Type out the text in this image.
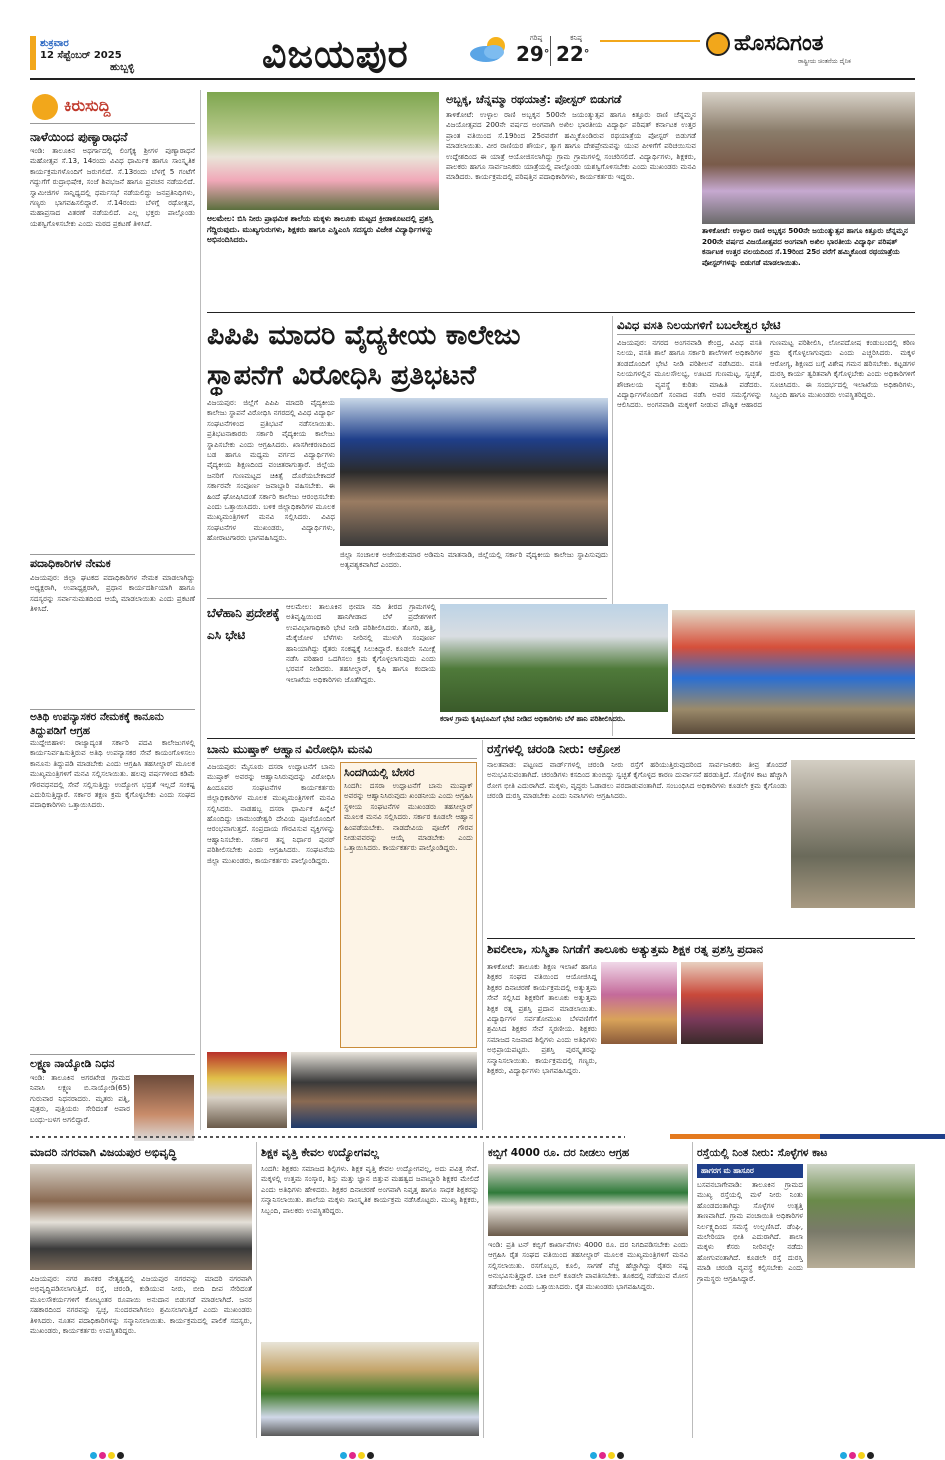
ಶುಕ್ರವಾರ
12 ಸೆಪ್ಟೆಂಬರ್ 2025
ಹುಬ್ಬಳ್ಳಿ	ವಿಜಯಪುರ	ಗರಿಷ್ಠ
29°
ಕನಿಷ್ಠ
22°	ಹೊಸದಿಗಂತ
ರಾಷ್ಟ್ರೀಯ ಚಿಂತನೆಯ ದೈನಿಕ
ಕಿರುಸುದ್ದಿ
ನಾಳೆಯಿಂದ ಪುಣ್ಯಾರಾಧನೆ
ಇಂಡಿ: ತಾಲೂಕಿನ ಅಥರ್ಗಾದಲ್ಲಿ ಲಿಂಗೈಕ್ಯ ಶ್ರೀಗಳ ಪುಣ್ಯಾರಾಧನೆ ಮಹೋತ್ಸವ ಸೆ.13, 14ರಂದು ವಿವಿಧ ಧಾರ್ಮಿಕ ಹಾಗೂ ಸಾಂಸ್ಕೃತಿಕ ಕಾರ್ಯಕ್ರಮಗಳೊಂದಿಗೆ ಜರುಗಲಿದೆ. ಸೆ.13ರಂದು ಬೆಳಗ್ಗೆ 5 ಗಂಟೆಗೆ ಗದ್ದುಗೆಗೆ ರುದ್ರಾಭಿಷೇಕ, ಸಂಜೆ ಶಿವಭಜನೆ ಹಾಗೂ ಪ್ರವಚನ ನಡೆಯಲಿದೆ. ಸ್ವಾಮೀಜಿಗಳ ಸಾನ್ನಿಧ್ಯದಲ್ಲಿ ಧರ್ಮಸಭೆ ನಡೆಯಲಿದ್ದು ಜನಪ್ರತಿನಿಧಿಗಳು, ಗಣ್ಯರು ಭಾಗವಹಿಸಲಿದ್ದಾರೆ. ಸೆ.14ರಂದು ಬೆಳಗ್ಗೆ ರಥೋತ್ಸವ, ಮಹಾಪ್ರಸಾದ ವಿತರಣೆ ನಡೆಯಲಿದೆ. ಎಲ್ಲ ಭಕ್ತರು ಪಾಲ್ಗೊಂಡು ಯಶಸ್ವಿಗೊಳಿಸಬೇಕು ಎಂದು ಮಠದ ಪ್ರಕಟಣೆ ತಿಳಿಸಿದೆ.
ಪದಾಧಿಕಾರಿಗಳ ನೇಮಕ
ವಿಜಯಪುರ: ಜಿಲ್ಲಾ ಘಟಕದ ಪದಾಧಿಕಾರಿಗಳ ನೇಮಕ ಮಾಡಲಾಗಿದ್ದು ಅಧ್ಯಕ್ಷರಾಗಿ, ಉಪಾಧ್ಯಕ್ಷರಾಗಿ, ಪ್ರಧಾನ ಕಾರ್ಯದರ್ಶಿಯಾಗಿ ಹಾಗೂ ಸದಸ್ಯರನ್ನು ಸರ್ವಾನುಮತದಿಂದ ಆಯ್ಕೆ ಮಾಡಲಾಯಿತು ಎಂದು ಪ್ರಕಟಣೆ ತಿಳಿಸಿದೆ.
ಅತಿಥಿ ಉಪನ್ಯಾಸಕರ ನೇಮಕಕ್ಕೆ ಕಾನೂನು ತಿದ್ದುಪಡಿಗೆ ಆಗ್ರಹ
ಮುದ್ದೇಬಿಹಾಳ: ರಾಜ್ಯಾದ್ಯಂತ ಸರ್ಕಾರಿ ಪದವಿ ಕಾಲೇಜುಗಳಲ್ಲಿ ಕಾರ್ಯನಿರ್ವಹಿಸುತ್ತಿರುವ ಅತಿಥಿ ಉಪನ್ಯಾಸಕರ ಸೇವೆ ಕಾಯಂಗೊಳಿಸಲು ಕಾನೂನು ತಿದ್ದುಪಡಿ ಮಾಡಬೇಕು ಎಂದು ಆಗ್ರಹಿಸಿ ತಹಸೀಲ್ದಾರ್ ಮೂಲಕ ಮುಖ್ಯಮಂತ್ರಿಗಳಿಗೆ ಮನವಿ ಸಲ್ಲಿಸಲಾಯಿತು. ಹಲವು ವರ್ಷಗಳಿಂದ ಕಡಿಮೆ ಗೌರವಧನದಲ್ಲಿ ಸೇವೆ ಸಲ್ಲಿಸುತ್ತಿದ್ದು ಉದ್ಯೋಗ ಭದ್ರತೆ ಇಲ್ಲದೆ ಸಂಕಷ್ಟ ಎದುರಿಸುತ್ತಿದ್ದಾರೆ. ಸರ್ಕಾರ ತಕ್ಷಣ ಕ್ರಮ ಕೈಗೊಳ್ಳಬೇಕು ಎಂದು ಸಂಘದ ಪದಾಧಿಕಾರಿಗಳು ಒತ್ತಾಯಿಸಿದರು.
ಲಕ್ಷ್ಮಣ ನಾಯ್ಕೋಡಿ ನಿಧನ
ಇಂಡಿ: ತಾಲೂಕಿನ ಅಗರಖೇಡ ಗ್ರಾಮದ ನಿವಾಸಿ ಲಕ್ಷ್ಮಣ ಬಿ.ನಾಯ್ಕೋಡಿ(65) ಗುರುವಾರ ನಿಧನರಾದರು. ಮೃತರು ಪತ್ನಿ, ಪುತ್ರರು, ಪುತ್ರಿಯರು ಸೇರಿದಂತೆ ಅಪಾರ ಬಂಧು-ಬಳಗ ಅಗಲಿದ್ದಾರೆ.
ಆಲಮೇಲ: ಬಿಸಿ ನೀರು ಪ್ರಾಥಮಿಕ ಶಾಲೆಯ ಮಕ್ಕಳು ತಾಲೂಕು ಮಟ್ಟದ ಕ್ರೀಡಾಕೂಟದಲ್ಲಿ ಪ್ರಶಸ್ತಿ ಗೆದ್ದಿರುವುದು. ಮುಖ್ಯಗುರುಗಳು, ಶಿಕ್ಷಕರು ಹಾಗೂ ಎಸ್ಡಿಎಂಸಿ ಸದಸ್ಯರು ವಿಜೇತ ವಿದ್ಯಾರ್ಥಿಗಳನ್ನು ಅಭಿನಂದಿಸಿದರು.
ಅಬ್ಬಕ್ಕ, ಚೆನ್ನಮ್ಮಾ ರಥಯಾತ್ರೆ: ಪೋಸ್ಟರ್ ಬಿಡುಗಡೆ
ತಾಳಿಕೋಟೆ: ಉಳ್ಳಾಲ ರಾಣಿ ಅಬ್ಬಕ್ಕನ 500ನೇ ಜಯಂತ್ಯುತ್ಸವ ಹಾಗೂ ಕಿತ್ತೂರು ರಾಣಿ ಚೆನ್ನಮ್ಮನ ವಿಜಯೋತ್ಸವದ 200ನೇ ವರ್ಷದ ಅಂಗವಾಗಿ ಅಖಿಲ ಭಾರತೀಯ ವಿದ್ಯಾರ್ಥಿ ಪರಿಷತ್ ಕರ್ನಾಟಕ ಉತ್ತರ ಪ್ರಾಂತ ವತಿಯಿಂದ ಸೆ.19ರಿಂದ 25ರವರೆಗೆ ಹಮ್ಮಿಕೊಂಡಿರುವ ರಥಯಾತ್ರೆಯ ಪೋಸ್ಟರ್ ಬಿಡುಗಡೆ ಮಾಡಲಾಯಿತು. ವೀರ ರಾಣಿಯರ ಶೌರ್ಯ, ತ್ಯಾಗ ಹಾಗೂ ದೇಶಪ್ರೇಮವನ್ನು ಯುವ ಪೀಳಿಗೆಗೆ ಪರಿಚಯಿಸುವ ಉದ್ದೇಶದಿಂದ ಈ ಯಾತ್ರೆ ಆಯೋಜಿಸಲಾಗಿದ್ದು ಗ್ರಾಮ ಗ್ರಾಮಗಳಲ್ಲಿ ಸಂಚರಿಸಲಿದೆ. ವಿದ್ಯಾರ್ಥಿಗಳು, ಶಿಕ್ಷಕರು, ಪಾಲಕರು ಹಾಗೂ ಸಾರ್ವಜನಿಕರು ಯಾತ್ರೆಯಲ್ಲಿ ಪಾಲ್ಗೊಂಡು ಯಶಸ್ವಿಗೊಳಿಸಬೇಕು ಎಂದು ಮುಖಂಡರು ಮನವಿ ಮಾಡಿದರು. ಕಾರ್ಯಕ್ರಮದಲ್ಲಿ ಪರಿಷತ್ತಿನ ಪದಾಧಿಕಾರಿಗಳು, ಕಾರ್ಯಕರ್ತರು ಇದ್ದರು.
ತಾಳಿಕೋಟೆ: ಉಳ್ಳಾಲ ರಾಣಿ ಅಬ್ಬಕ್ಕನ 500ನೇ ಜಯಂತ್ಯುತ್ಸವ ಹಾಗೂ ಕಿತ್ತೂರು ಚೆನ್ನಮ್ಮನ 200ನೇ ವರ್ಷದ ವಿಜಯೋತ್ಸವದ ಅಂಗವಾಗಿ ಅಖಿಲ ಭಾರತೀಯ ವಿದ್ಯಾರ್ಥಿ ಪರಿಷತ್ ಕರ್ನಾಟಕ ಉತ್ತರ ವಲಯದಿಂದ ಸೆ.19ರಿಂದ 25ರ ವರೆಗೆ ಹಮ್ಮಿಕೊಂಡ ರಥಯಾತ್ರೆಯ ಪೋಸ್ಟರ್‌ಗಳನ್ನು ಬಿಡುಗಡೆ ಮಾಡಲಾಯಿತು.
ಪಿಪಿಪಿ ಮಾದರಿ ವೈದ್ಯಕೀಯ ಕಾಲೇಜು
ಸ್ಥಾಪನೆಗೆ ವಿರೋಧಿಸಿ ಪ್ರತಿಭಟನೆ
ವಿಜಯಪುರ: ಜಿಲ್ಲೆಗೆ ಪಿಪಿಪಿ ಮಾದರಿ ವೈದ್ಯಕೀಯ ಕಾಲೇಜು ಸ್ಥಾಪನೆ ವಿರೋಧಿಸಿ ನಗರದಲ್ಲಿ ವಿವಿಧ ವಿದ್ಯಾರ್ಥಿ ಸಂಘಟನೆಗಳಿಂದ ಪ್ರತಿಭಟನೆ ನಡೆಸಲಾಯಿತು. ಪ್ರತಿಭಟನಾಕಾರರು ಸರ್ಕಾರಿ ವೈದ್ಯಕೀಯ ಕಾಲೇಜು ಸ್ಥಾಪಿಸಬೇಕು ಎಂದು ಆಗ್ರಹಿಸಿದರು. ಖಾಸಗೀಕರಣದಿಂದ ಬಡ ಹಾಗೂ ಮಧ್ಯಮ ವರ್ಗದ ವಿದ್ಯಾರ್ಥಿಗಳು ವೈದ್ಯಕೀಯ ಶಿಕ್ಷಣದಿಂದ ವಂಚಿತರಾಗುತ್ತಾರೆ. ಜಿಲ್ಲೆಯ ಜನರಿಗೆ ಗುಣಮಟ್ಟದ ಚಿಕಿತ್ಸೆ ದೊರೆಯಬೇಕಾದರೆ ಸರ್ಕಾರವೇ ಸಂಪೂರ್ಣ ಜವಾಬ್ದಾರಿ ವಹಿಸಬೇಕು. ಈ ಹಿಂದೆ ಘೋಷಿಸಿದಂತೆ ಸರ್ಕಾರಿ ಕಾಲೇಜು ಆರಂಭಿಸಬೇಕು ಎಂದು ಒತ್ತಾಯಿಸಿದರು. ಬಳಿಕ ಜಿಲ್ಲಾಧಿಕಾರಿಗಳ ಮೂಲಕ ಮುಖ್ಯಮಂತ್ರಿಗಳಿಗೆ ಮನವಿ ಸಲ್ಲಿಸಿದರು. ವಿವಿಧ ಸಂಘಟನೆಗಳ ಮುಖಂಡರು, ವಿದ್ಯಾರ್ಥಿಗಳು, ಹೋರಾಟಗಾರರು ಭಾಗವಹಿಸಿದ್ದರು.
ಜಿಲ್ಲಾ ಸಂಚಾಲಕ ಅಜೇಯಕುಮಾರ ಅಡಿಮನಿ ಮಾತನಾಡಿ, ಜಿಲ್ಲೆಯಲ್ಲಿ ಸರ್ಕಾರಿ ವೈದ್ಯಕೀಯ ಕಾಲೇಜು ಸ್ಥಾಪಿಸುವುದು ಅತ್ಯವಶ್ಯಕವಾಗಿದೆ ಎಂದರು.
ವಿವಿಧ ವಸತಿ ನಿಲಯಗಳಿಗೆ ಬಬಲೇಶ್ವರ ಭೇಟಿ
ವಿಜಯಪುರ: ನಗರದ ಅಂಗನವಾಡಿ ಕೇಂದ್ರ, ವಿವಿಧ ವಸತಿ ನಿಲಯ, ವಸತಿ ಶಾಲೆ ಹಾಗೂ ಸರ್ಕಾರಿ ಶಾಲೆಗಳಿಗೆ ಅಧಿಕಾರಿಗಳ ತಂಡದೊಂದಿಗೆ ಭೇಟಿ ನೀಡಿ ಪರಿಶೀಲನೆ ನಡೆಸಿದರು. ವಸತಿ ನಿಲಯಗಳಲ್ಲಿನ ಮೂಲಸೌಲಭ್ಯ, ಊಟದ ಗುಣಮಟ್ಟ, ಸ್ವಚ್ಛತೆ, ಶೌಚಾಲಯ ವ್ಯವಸ್ಥೆ ಕುರಿತು ಮಾಹಿತಿ ಪಡೆದರು. ವಿದ್ಯಾರ್ಥಿಗಳೊಂದಿಗೆ ಸಂವಾದ ನಡೆಸಿ ಅವರ ಸಮಸ್ಯೆಗಳನ್ನು ಆಲಿಸಿದರು. ಅಂಗನವಾಡಿ ಮಕ್ಕಳಿಗೆ ನೀಡುವ ಪೌಷ್ಟಿಕ ಆಹಾರದ ಗುಣಮಟ್ಟ ಪರಿಶೀಲಿಸಿ, ಲೋಪದೋಷ ಕಂಡುಬಂದಲ್ಲಿ ಕಠಿಣ ಕ್ರಮ ಕೈಗೊಳ್ಳಲಾಗುವುದು ಎಂದು ಎಚ್ಚರಿಸಿದರು. ಮಕ್ಕಳ ಆರೋಗ್ಯ, ಶಿಕ್ಷಣದ ಬಗ್ಗೆ ವಿಶೇಷ ಗಮನ ಹರಿಸಬೇಕು. ಕಟ್ಟಡಗಳ ದುರಸ್ತಿ ಕಾರ್ಯ ತ್ವರಿತವಾಗಿ ಕೈಗೊಳ್ಳಬೇಕು ಎಂದು ಅಧಿಕಾರಿಗಳಿಗೆ ಸೂಚಿಸಿದರು. ಈ ಸಂದರ್ಭದಲ್ಲಿ ಇಲಾಖೆಯ ಅಧಿಕಾರಿಗಳು, ಸಿಬ್ಬಂದಿ ಹಾಗೂ ಮುಖಂಡರು ಉಪಸ್ಥಿತರಿದ್ದರು.
ಬೆಳೆಹಾನಿ ಪ್ರದೇಶಕ್ಕೆ ಎಸಿ ಭೇಟಿ
ಆಲಮೇಲ: ತಾಲೂಕಿನ ಭೀಮಾ ನದಿ ತೀರದ ಗ್ರಾಮಗಳಲ್ಲಿ ಅತಿವೃಷ್ಟಿಯಿಂದ ಹಾನಿಗೀಡಾದ ಬೆಳೆ ಪ್ರದೇಶಗಳಿಗೆ ಉಪವಿಭಾಗಾಧಿಕಾರಿ ಭೇಟಿ ನೀಡಿ ಪರಿಶೀಲಿಸಿದರು. ತೊಗರಿ, ಹತ್ತಿ, ಮೆಕ್ಕೆಜೋಳ ಬೆಳೆಗಳು ನೀರಿನಲ್ಲಿ ಮುಳುಗಿ ಸಂಪೂರ್ಣ ಹಾನಿಯಾಗಿದ್ದು ರೈತರು ಸಂಕಷ್ಟಕ್ಕೆ ಸಿಲುಕಿದ್ದಾರೆ. ಕೂಡಲೇ ಸಮೀಕ್ಷೆ ನಡೆಸಿ ಪರಿಹಾರ ಒದಗಿಸಲು ಕ್ರಮ ಕೈಗೊಳ್ಳಲಾಗುವುದು ಎಂದು ಭರವಸೆ ನೀಡಿದರು. ತಹಸೀಲ್ದಾರ್, ಕೃಷಿ ಹಾಗೂ ಕಂದಾಯ ಇಲಾಖೆಯ ಅಧಿಕಾರಿಗಳು ಜೊತೆಗಿದ್ದರು.
ಕರಾಳ ಗ್ರಾಮ ಕೃಷಿಭೂಮಿಗೆ ಭೇಟಿ ನೀಡಿದ ಅಧಿಕಾರಿಗಳು ಬೆಳೆ ಹಾನಿ ಪರಿಶೀಲಿಸಿದರು.
ಬಾನು ಮುಷ್ತಾಕ್ ಆಹ್ವಾನ ವಿರೋಧಿಸಿ ಮನವಿ
ವಿಜಯಪುರ: ಮೈಸೂರು ದಸರಾ ಉದ್ಘಾಟನೆಗೆ ಬಾನು ಮುಷ್ತಾಕ್ ಅವರನ್ನು ಆಹ್ವಾನಿಸಿರುವುದನ್ನು ವಿರೋಧಿಸಿ ಹಿಂದೂಪರ ಸಂಘಟನೆಗಳ ಕಾರ್ಯಕರ್ತರು ಜಿಲ್ಲಾಧಿಕಾರಿಗಳ ಮೂಲಕ ಮುಖ್ಯಮಂತ್ರಿಗಳಿಗೆ ಮನವಿ ಸಲ್ಲಿಸಿದರು. ನಾಡಹಬ್ಬ ದಸರಾ ಧಾರ್ಮಿಕ ಹಿನ್ನೆಲೆ ಹೊಂದಿದ್ದು ಚಾಮುಂಡೇಶ್ವರಿ ದೇವಿಯ ಪೂಜೆಯೊಂದಿಗೆ ಆರಂಭವಾಗುತ್ತದೆ. ಸಂಪ್ರದಾಯ ಗೌರವಿಸುವ ವ್ಯಕ್ತಿಗಳನ್ನು ಆಹ್ವಾನಿಸಬೇಕು. ಸರ್ಕಾರ ತನ್ನ ನಿರ್ಧಾರ ಪುನರ್ ಪರಿಶೀಲಿಸಬೇಕು ಎಂದು ಆಗ್ರಹಿಸಿದರು. ಸಂಘಟನೆಯ ಜಿಲ್ಲಾ ಮುಖಂಡರು, ಕಾರ್ಯಕರ್ತರು ಪಾಲ್ಗೊಂಡಿದ್ದರು.
ಸಿಂದಗಿಯಲ್ಲಿ ಬೇಸರ
ಸಿಂದಗಿ: ದಸರಾ ಉದ್ಘಾಟನೆಗೆ ಬಾನು ಮುಷ್ತಾಕ್ ಅವರನ್ನು ಆಹ್ವಾನಿಸಿರುವುದು ಖಂಡನೀಯ ಎಂದು ಆಗ್ರಹಿಸಿ ಸ್ಥಳೀಯ ಸಂಘಟನೆಗಳ ಮುಖಂಡರು ತಹಸೀಲ್ದಾರ್ ಮೂಲಕ ಮನವಿ ಸಲ್ಲಿಸಿದರು. ಸರ್ಕಾರ ಕೂಡಲೇ ಆಹ್ವಾನ ಹಿಂಪಡೆಯಬೇಕು. ನಾಡದೇವಿಯ ಪೂಜೆಗೆ ಗೌರವ ನೀಡುವವರನ್ನು ಆಯ್ಕೆ ಮಾಡಬೇಕು ಎಂದು ಒತ್ತಾಯಿಸಿದರು. ಕಾರ್ಯಕರ್ತರು ಪಾಲ್ಗೊಂಡಿದ್ದರು.
ರಸ್ತೆಗಳಲ್ಲಿ ಚರಂಡಿ ನೀರು: ಆಕ್ರೋಶ
ನಾಲತವಾಡ: ಪಟ್ಟಣದ ವಾರ್ಡ್‌ಗಳಲ್ಲಿ ಚರಂಡಿ ನೀರು ರಸ್ತೆಗೆ ಹರಿಯುತ್ತಿರುವುದರಿಂದ ಸಾರ್ವಜನಿಕರು ತೀವ್ರ ತೊಂದರೆ ಅನುಭವಿಸುವಂತಾಗಿದೆ. ಚರಂಡಿಗಳು ಕಸದಿಂದ ತುಂಬಿದ್ದು ಸ್ವಚ್ಛತೆ ಕೈಗೊಳ್ಳದ ಕಾರಣ ದುರ್ವಾಸನೆ ಹರಡುತ್ತಿದೆ. ಸೊಳ್ಳೆಗಳ ಕಾಟ ಹೆಚ್ಚಾಗಿ ರೋಗ ಭೀತಿ ಎದುರಾಗಿದೆ. ಮಕ್ಕಳು, ವೃದ್ಧರು ಓಡಾಡಲು ಪರದಾಡುವಂತಾಗಿದೆ. ಸಂಬಂಧಿಸಿದ ಅಧಿಕಾರಿಗಳು ಕೂಡಲೇ ಕ್ರಮ ಕೈಗೊಂಡು ಚರಂಡಿ ದುರಸ್ತಿ ಮಾಡಬೇಕು ಎಂದು ನಿವಾಸಿಗಳು ಆಗ್ರಹಿಸಿದರು.
ಶಿವಲೀಲಾ, ಸುಸ್ಮಿತಾ ನಿಗಡೆಗೆ ತಾಲೂಕು ಅತ್ಯುತ್ತಮ ಶಿಕ್ಷಕ ರತ್ನ ಪ್ರಶಸ್ತಿ ಪ್ರದಾನ
ತಾಳಿಕೋಟೆ: ತಾಲೂಕು ಶಿಕ್ಷಣ ಇಲಾಖೆ ಹಾಗೂ ಶಿಕ್ಷಕರ ಸಂಘದ ವತಿಯಿಂದ ಆಯೋಜಿಸಿದ್ದ ಶಿಕ್ಷಕರ ದಿನಾಚರಣೆ ಕಾರ್ಯಕ್ರಮದಲ್ಲಿ ಅತ್ಯುತ್ತಮ ಸೇವೆ ಸಲ್ಲಿಸಿದ ಶಿಕ್ಷಕರಿಗೆ ತಾಲೂಕು ಅತ್ಯುತ್ತಮ ಶಿಕ್ಷಕ ರತ್ನ ಪ್ರಶಸ್ತಿ ಪ್ರದಾನ ಮಾಡಲಾಯಿತು. ವಿದ್ಯಾರ್ಥಿಗಳ ಸರ್ವತೋಮುಖ ಬೆಳವಣಿಗೆಗೆ ಶ್ರಮಿಸಿದ ಶಿಕ್ಷಕರ ಸೇವೆ ಸ್ಮರಣೀಯ. ಶಿಕ್ಷಕರು ಸಮಾಜದ ನಿಜವಾದ ಶಿಲ್ಪಿಗಳು ಎಂದು ಅತಿಥಿಗಳು ಅಭಿಪ್ರಾಯಪಟ್ಟರು. ಪ್ರಶಸ್ತಿ ಪುರಸ್ಕೃತರನ್ನು ಸನ್ಮಾನಿಸಲಾಯಿತು. ಕಾರ್ಯಕ್ರಮದಲ್ಲಿ ಗಣ್ಯರು, ಶಿಕ್ಷಕರು, ವಿದ್ಯಾರ್ಥಿಗಳು ಭಾಗವಹಿಸಿದ್ದರು.
ಮಾದರಿ ನಗರವಾಗಿ ವಿಜಯಪುರ ಅಭಿವೃದ್ಧಿ
ವಿಜಯಪುರ: ನಗರ ಶಾಸಕರ ನೇತೃತ್ವದಲ್ಲಿ ವಿಜಯಪುರ ನಗರವನ್ನು ಮಾದರಿ ನಗರವಾಗಿ ಅಭಿವೃದ್ಧಿಪಡಿಸಲಾಗುತ್ತಿದೆ. ರಸ್ತೆ, ಚರಂಡಿ, ಕುಡಿಯುವ ನೀರು, ಬೀದಿ ದೀಪ ಸೇರಿದಂತೆ ಮೂಲಸೌಕರ್ಯಗಳಿಗೆ ಕೋಟ್ಯಂತರ ರೂಪಾಯಿ ಅನುದಾನ ಬಿಡುಗಡೆ ಮಾಡಲಾಗಿದೆ. ಜನರ ಸಹಕಾರದಿಂದ ನಗರವನ್ನು ಸ್ವಚ್ಛ, ಸುಂದರವಾಗಿಸಲು ಶ್ರಮಿಸಲಾಗುತ್ತಿದೆ ಎಂದು ಮುಖಂಡರು ತಿಳಿಸಿದರು. ನೂತನ ಪದಾಧಿಕಾರಿಗಳನ್ನು ಸನ್ಮಾನಿಸಲಾಯಿತು. ಕಾರ್ಯಕ್ರಮದಲ್ಲಿ ಪಾಲಿಕೆ ಸದಸ್ಯರು, ಮುಖಂಡರು, ಕಾರ್ಯಕರ್ತರು ಉಪಸ್ಥಿತರಿದ್ದರು.
ಶಿಕ್ಷಕ ವೃತ್ತಿ ಕೇವಲ ಉದ್ಯೋಗವಲ್ಲ
ಸಿಂದಗಿ: ಶಿಕ್ಷಕರು ಸಮಾಜದ ಶಿಲ್ಪಿಗಳು. ಶಿಕ್ಷಕ ವೃತ್ತಿ ಕೇವಲ ಉದ್ಯೋಗವಲ್ಲ, ಅದು ಪವಿತ್ರ ಸೇವೆ. ಮಕ್ಕಳಲ್ಲಿ ಉತ್ತಮ ಸಂಸ್ಕಾರ, ಶಿಸ್ತು ಮತ್ತು ಜ್ಞಾನ ಬಿತ್ತುವ ಮಹತ್ವದ ಜವಾಬ್ದಾರಿ ಶಿಕ್ಷಕರ ಮೇಲಿದೆ ಎಂದು ಅತಿಥಿಗಳು ಹೇಳಿದರು. ಶಿಕ್ಷಕರ ದಿನಾಚರಣೆ ಅಂಗವಾಗಿ ನಿವೃತ್ತ ಹಾಗೂ ಸಾಧಕ ಶಿಕ್ಷಕರನ್ನು ಸನ್ಮಾನಿಸಲಾಯಿತು. ಶಾಲೆಯ ಮಕ್ಕಳು ಸಾಂಸ್ಕೃತಿಕ ಕಾರ್ಯಕ್ರಮ ನಡೆಸಿಕೊಟ್ಟರು. ಮುಖ್ಯ ಶಿಕ್ಷಕರು, ಸಿಬ್ಬಂದಿ, ಪಾಲಕರು ಉಪಸ್ಥಿತರಿದ್ದರು.
ಕಬ್ಬಿಗೆ 4000 ರೂ. ದರ ನೀಡಲು ಆಗ್ರಹ
ಇಂಡಿ: ಪ್ರತಿ ಟನ್ ಕಬ್ಬಿಗೆ ಕಾರ್ಖಾನೆಗಳು 4000 ರೂ. ದರ ನಿಗದಿಪಡಿಸಬೇಕು ಎಂದು ಆಗ್ರಹಿಸಿ ರೈತ ಸಂಘದ ವತಿಯಿಂದ ತಹಸೀಲ್ದಾರ್ ಮೂಲಕ ಮುಖ್ಯಮಂತ್ರಿಗಳಿಗೆ ಮನವಿ ಸಲ್ಲಿಸಲಾಯಿತು. ರಸಗೊಬ್ಬರ, ಕೂಲಿ, ಸಾಗಣೆ ವೆಚ್ಚ ಹೆಚ್ಚಾಗಿದ್ದು ರೈತರು ನಷ್ಟ ಅನುಭವಿಸುತ್ತಿದ್ದಾರೆ. ಬಾಕಿ ಬಿಲ್ ಕೂಡಲೇ ಪಾವತಿಸಬೇಕು. ತೂಕದಲ್ಲಿ ನಡೆಯುವ ಮೋಸ ತಡೆಯಬೇಕು ಎಂದು ಒತ್ತಾಯಿಸಿದರು. ರೈತ ಮುಖಂಡರು ಭಾಗವಹಿಸಿದ್ದರು.
ರಸ್ತೆಯಲ್ಲಿ ನಿಂತ ನೀರು: ಸೊಳ್ಳೆಗಳ ಕಾಟ
ಹಾಗರಗ ಮ ಹಾಸೂರ
ಬಸವನಬಾಗೇವಾಡಿ: ತಾಲೂಕಿನ ಗ್ರಾಮದ ಮುಖ್ಯ ರಸ್ತೆಯಲ್ಲಿ ಮಳೆ ನೀರು ನಿಂತು ಹೊಂಡದಂತಾಗಿದ್ದು ಸೊಳ್ಳೆಗಳ ಉತ್ಪತ್ತಿ ತಾಣವಾಗಿದೆ. ಗ್ರಾಮ ಪಂಚಾಯಿತಿ ಅಧಿಕಾರಿಗಳ ನಿರ್ಲಕ್ಷ್ಯದಿಂದ ಸಮಸ್ಯೆ ಉಲ್ಬಣಿಸಿದೆ. ಡೆಂಘಿ, ಮಲೇರಿಯಾ ಭೀತಿ ಎದುರಾಗಿದೆ. ಶಾಲಾ ಮಕ್ಕಳು ಕೆಸರು ನೀರಿನಲ್ಲೇ ನಡೆದು ಹೋಗುವಂತಾಗಿದೆ. ಕೂಡಲೇ ರಸ್ತೆ ದುರಸ್ತಿ ಮಾಡಿ ಚರಂಡಿ ವ್ಯವಸ್ಥೆ ಕಲ್ಪಿಸಬೇಕು ಎಂದು ಗ್ರಾಮಸ್ಥರು ಆಗ್ರಹಿಸಿದ್ದಾರೆ.
